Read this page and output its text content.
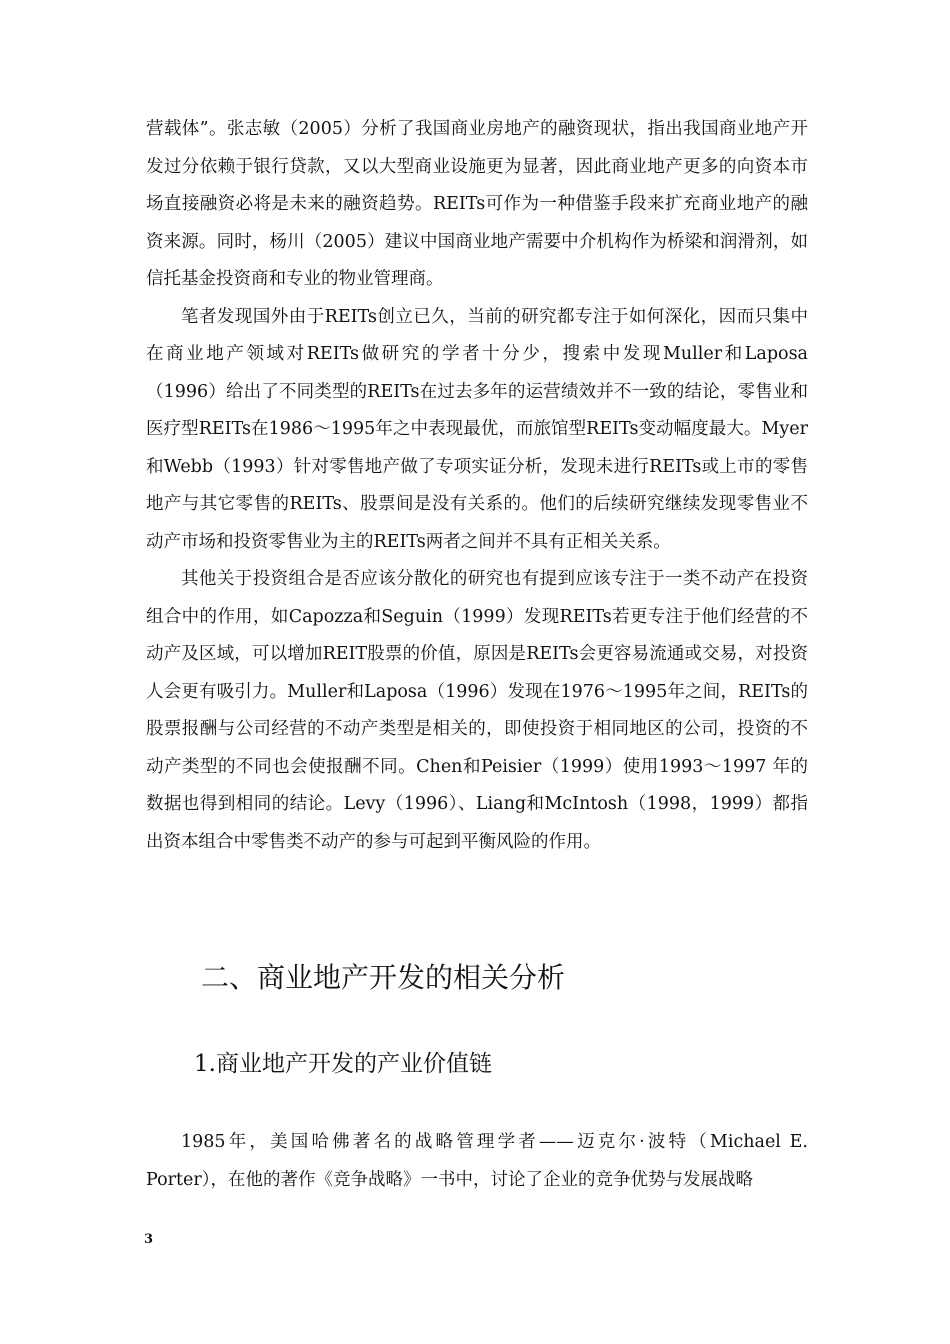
营载体”。张志敏（2005）分析了我国商业房地产的融资现状，指出我国商业地产开发过分依赖于银行贷款，又以大型商业设施更为显著，因此商业地产更多的向资本市场直接融资必将是未来的融资趋势。REITs可作为一种借鉴手段来扩充商业地产的融资来源。同时，杨川（2005）建议中国商业地产需要中介机构作为桥梁和润滑剂，如信托基金投资商和专业的物业管理商。

笔者发现国外由于REITs创立已久，当前的研究都专注于如何深化，因而只集中在商业地产领域对REITs做研究的学者十分少，搜索中发现Muller和Laposa（1996）给出了不同类型的REITs在过去多年的运营绩效并不一致的结论，零售业和医疗型REITs在1986～1995年之中表现最优，而旅馆型REITs变动幅度最大。Myer和Webb（1993）针对零售地产做了专项实证分析，发现未进行REITs或上市的零售地产与其它零售的REITs、股票间是没有关系的。他们的后续研究继续发现零售业不动产市场和投资零售业为主的REITs两者之间并不具有正相关关系。

其他关于投资组合是否应该分散化的研究也有提到应该专注于一类不动产在投资组合中的作用，如Capozza和Seguin（1999）发现REITs若更专注于他们经营的不动产及区域，可以增加REIT股票的价值，原因是REITs会更容易流通或交易，对投资人会更有吸引力。Muller和Laposa（1996）发现在1976～1995年之间，REITs的股票报酬与公司经营的不动产类型是相关的，即使投资于相同地区的公司，投资的不动产类型的不同也会使报酬不同。Chen和Peisier（1999）使用1993～1997 年的数据也得到相同的结论。Levy（1996）、Liang和McIntosh（1998，1999）都指出资本组合中零售类不动产的参与可起到平衡风险的作用。

二、商业地产开发的相关分析
1.商业地产开发的产业价值链

1985年，美国哈佛著名的战略管理学者——迈克尔·波特（Michael E. Porter），在他的著作《竞争战略》一书中，讨论了企业的竞争优势与发展战略

3
